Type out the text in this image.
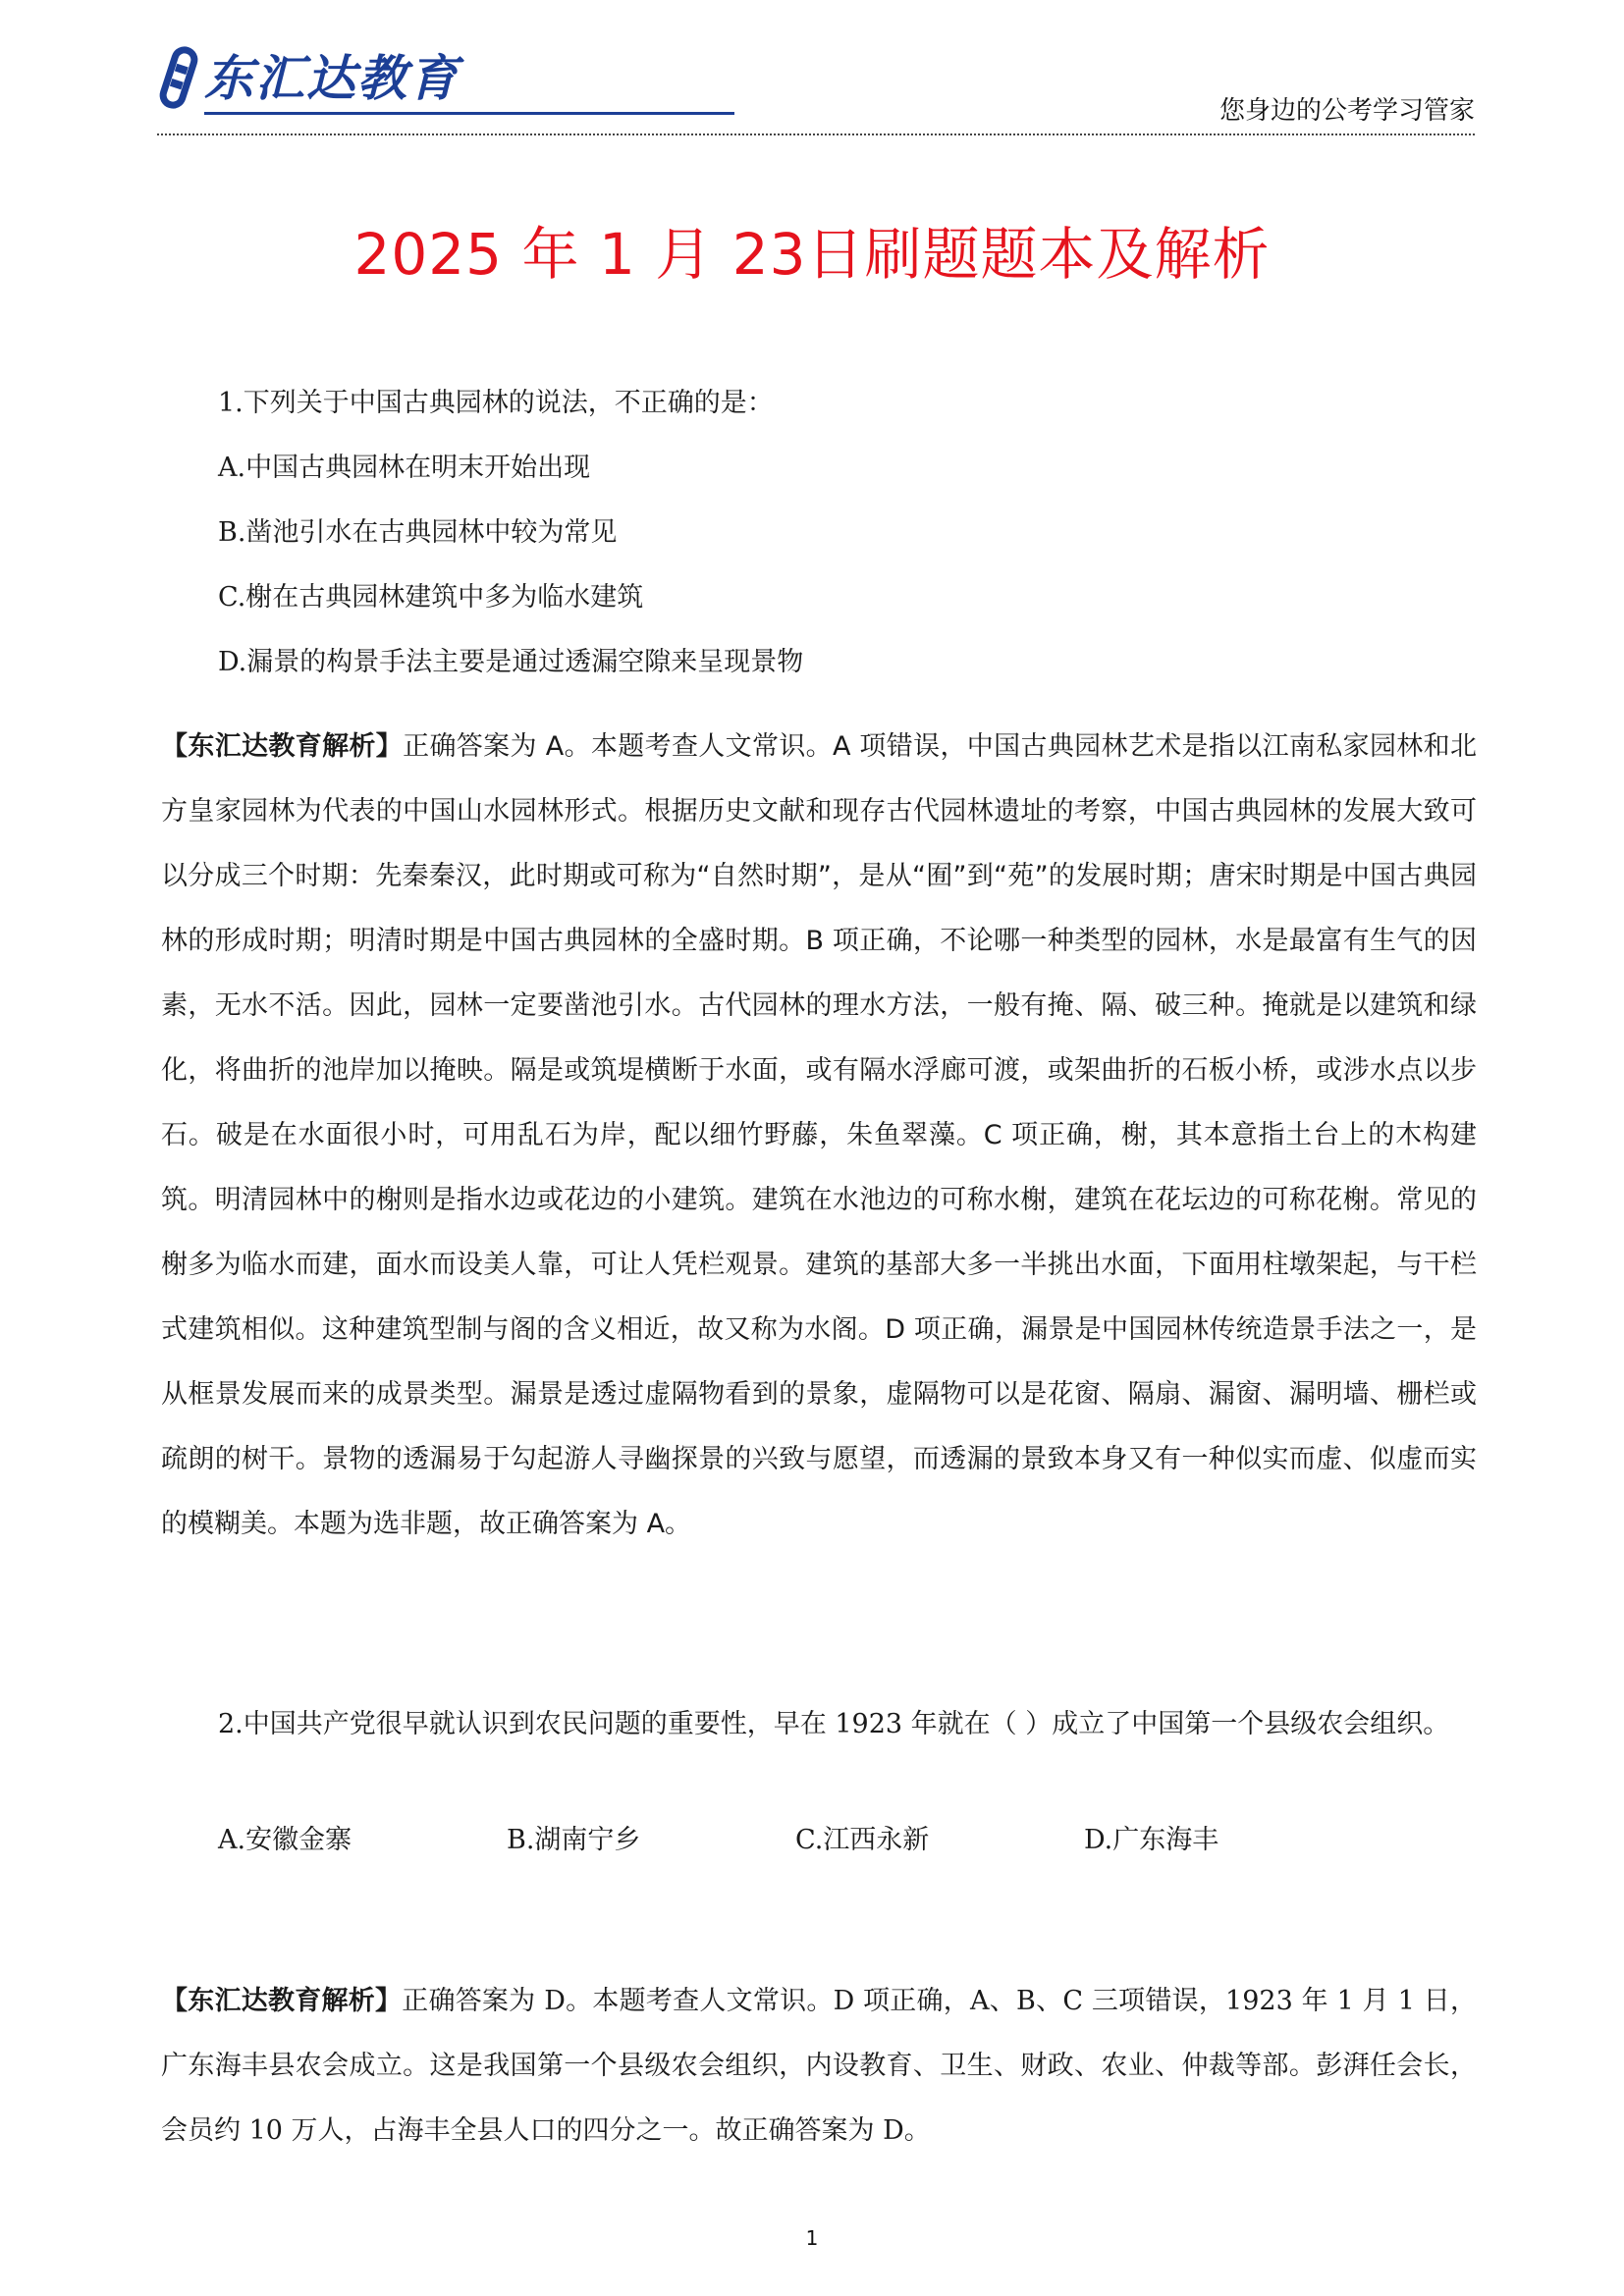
东汇达教育
您身边的公考学习管家
2025 年 1 月 23日刷题题本及解析
1.下列关于中国古典园林的说法，不正确的是：
A.中国古典园林在明末开始出现
B.凿池引水在古典园林中较为常见
C.榭在古典园林建筑中多为临水建筑
D.漏景的构景手法主要是通过透漏空隙来呈现景物
【东汇达教育解析】正确答案为 A。本题考查人文常识。A 项错误，中国古典园林艺术是指以江南私家园林和北方皇家园林为代表的中国山水园林形式。根据历史文献和现存古代园林遗址的考察，中国古典园林的发展大致可以分成三个时期：先秦秦汉，此时期或可称为“自然时期”，是从“囿”到“苑”的发展时期；唐宋时期是中国古典园林的形成时期；明清时期是中国古典园林的全盛时期。B 项正确，不论哪一种类型的园林，水是最富有生气的因素，无水不活。因此，园林一定要凿池引水。古代园林的理水方法，一般有掩、隔、破三种。掩就是以建筑和绿化，将曲折的池岸加以掩映。隔是或筑堤横断于水面，或有隔水浮廊可渡，或架曲折的石板小桥，或涉水点以步石。破是在水面很小时，可用乱石为岸，配以细竹野藤，朱鱼翠藻。C 项正确，榭，其本意指土台上的木构建筑。明清园林中的榭则是指水边或花边的小建筑。建筑在水池边的可称水榭，建筑在花坛边的可称花榭。常见的榭多为临水而建，面水而设美人靠，可让人凭栏观景。建筑的基部大多一半挑出水面，下面用柱墩架起，与干栏式建筑相似。这种建筑型制与阁的含义相近，故又称为水阁。D 项正确，漏景是中国园林传统造景手法之一，是从框景发展而来的成景类型。漏景是透过虚隔物看到的景象，虚隔物可以是花窗、隔扇、漏窗、漏明墙、栅栏或疏朗的树干。景物的透漏易于勾起游人寻幽探景的兴致与愿望，而透漏的景致本身又有一种似实而虚、似虚而实的模糊美。本题为选非题，故正确答案为 A。
2.中国共产党很早就认识到农民问题的重要性，早在 1923 年就在（ ）成立了中国第一个县级农会组织。
A.安徽金寨	B.湖南宁乡	C.江西永新	D.广东海丰
【东汇达教育解析】正确答案为 D。本题考查人文常识。D 项正确，A、B、C 三项错误，1923 年 1 月 1 日，广东海丰县农会成立。这是我国第一个县级农会组织，内设教育、卫生、财政、农业、仲裁等部。彭湃任会长，会员约 10 万人，占海丰全县人口的四分之一。故正确答案为 D。
1
